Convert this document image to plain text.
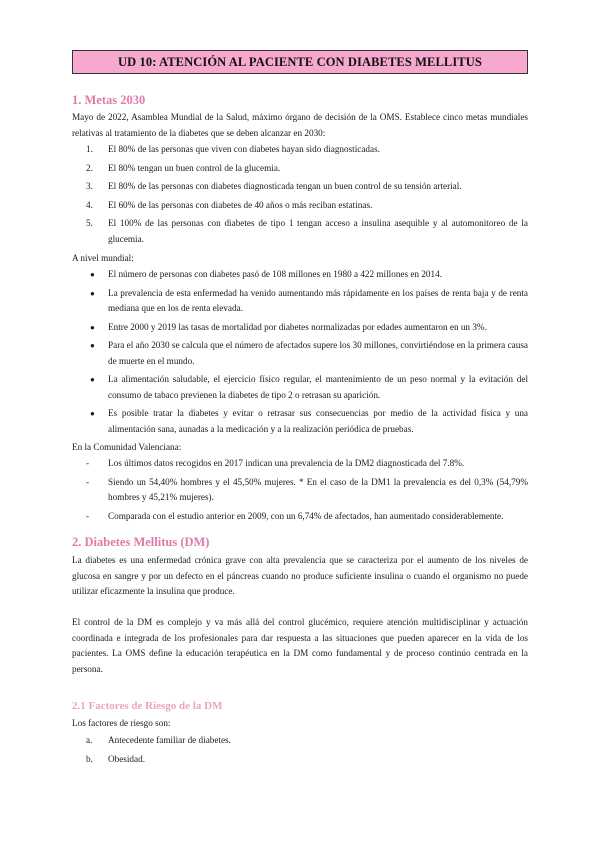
UD 10: ATENCIÓN AL PACIENTE CON DIABETES MELLITUS
1. Metas 2030

Mayo de 2022, Asamblea Mundial de la Salud, máximo órgano de decisión de la OMS. Establece cinco metas mundiales relativas al tratamiento de la diabetes que se deben alcanzar en 2030:

1. El 80% de las personas que viven con diabetes hayan sido diagnosticadas.
2. El 80% tengan un buen control de la glucemia.
3. El 80% de las personas con diabetes diagnosticada tengan un buen control de su tensión arterial.
4. El 60% de las personas con diabetes de 40 años o más reciban estatinas.
5. El 100% de las personas con diabetes de tipo 1 tengan acceso a insulina asequible y al automonitoreo de la glucemia.

A nivel mundial:

● El número de personas con diabetes pasó de 108 millones en 1980 a 422 millones en 2014.
● La prevalencia de esta enfermedad ha venido aumentando más rápidamente en los países de renta baja y de renta mediana que en los de renta elevada.
● Entre 2000 y 2019 las tasas de mortalidad por diabetes normalizadas por edades aumentaron en un 3%.
● Para el año 2030 se calcula que el número de afectados supere los 30 millones, convirtiéndose en la primera causa de muerte en el mundo.
● La alimentación saludable, el ejercicio físico regular, el mantenimiento de un peso normal y la evitación del consumo de tabaco previenen la diabetes de tipo 2 o retrasan su aparición.
● Es posible tratar la diabetes y evitar o retrasar sus consecuencias por medio de la actividad física y una alimentación sana, aunadas a la medicación y a la realización periódica de pruebas.

En la Comunidad Valenciana:

- Los últimos datos recogidos en 2017 indican una prevalencia de la DM2 diagnosticada del 7.8%.
- Siendo un 54,40% hombres y el 45,50% mujeres. * En el caso de la DM1 la prevalencia es del 0,3% (54,79% hombres y 45,21% mujeres).
- Comparada con el estudio anterior en 2009, con un 6,74% de afectados, han aumentado considerablemente.
2. Diabetes Mellitus (DM)

La diabetes es una enfermedad crónica grave con alta prevalencia que se caracteriza por el aumento de los niveles de glucosa en sangre y por un defecto en el páncreas cuando no produce suficiente insulina o cuando el organismo no puede utilizar eficazmente la insulina que produce.

El control de la DM es complejo y va más allá del control glucémico, requiere atención multidisciplinar y actuación coordinada e integrada de los profesionales para dar respuesta a las situaciones que pueden aparecer en la vida de los pacientes. La OMS define la educación terapéutica en la DM como fundamental y de proceso continúo centrada en la persona.

2.1 Factores de Riesgo de la DM

Los factores de riesgo son:

a. Antecedente familiar de diabetes.
b. Obesidad.
